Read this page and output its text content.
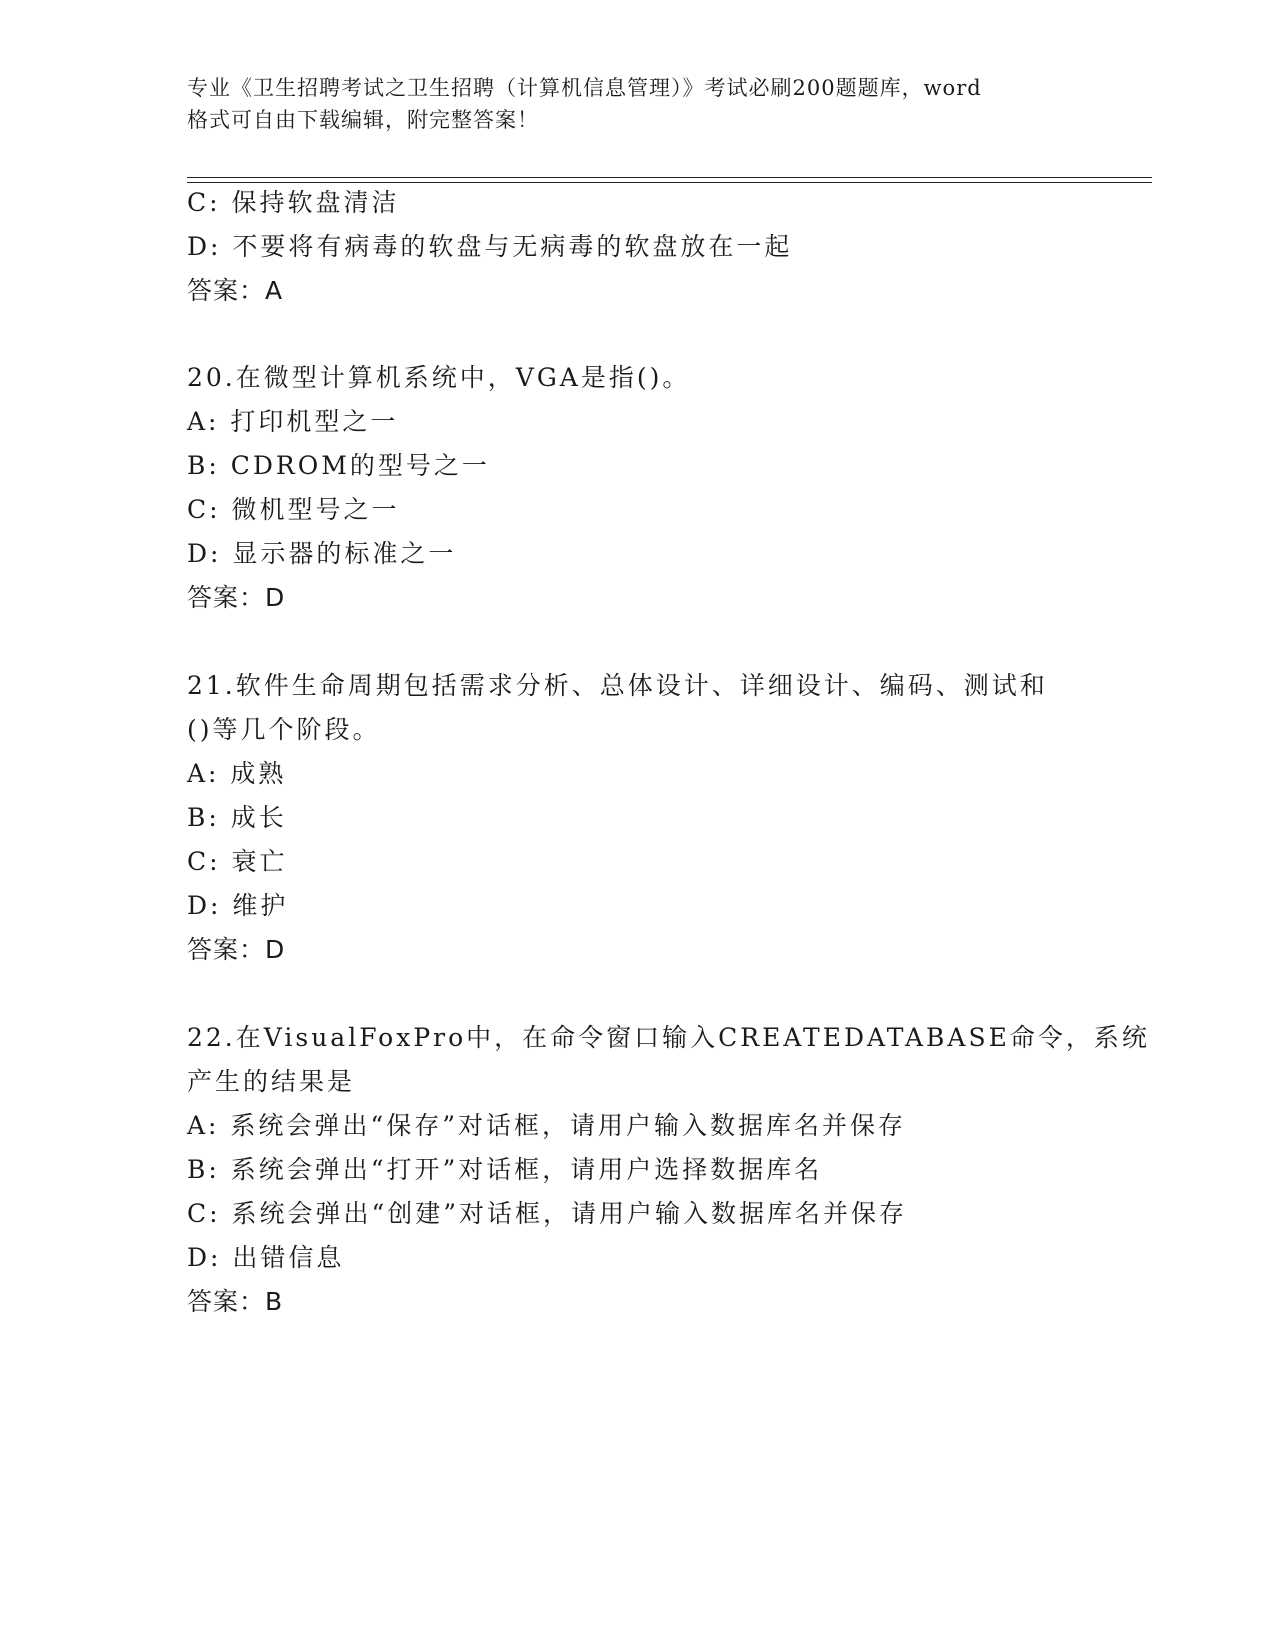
专业《卫生招聘考试之卫生招聘（计算机信息管理）》考试必刷200题题库，word
格式可自由下载编辑，附完整答案！
C: 保持软盘清洁
D: 不要将有病毒的软盘与无病毒的软盘放在一起
答案：A
20.在微型计算机系统中，VGA是指()。
A: 打印机型之一
B: CDROM的型号之一
C: 微机型号之一
D: 显示器的标准之一
答案：D
21.软件生命周期包括需求分析、总体设计、详细设计、编码、测试和
()等几个阶段。
A: 成熟
B: 成长
C: 衰亡
D: 维护
答案：D
22.在VisualFoxPro中，在命令窗口输入CREATEDATABASE命令，系统
产生的结果是
A: 系统会弹出“保存”对话框，请用户输入数据库名并保存
B: 系统会弹出“打开”对话框，请用户选择数据库名
C: 系统会弹出“创建”对话框，请用户输入数据库名并保存
D: 出错信息
答案：B
